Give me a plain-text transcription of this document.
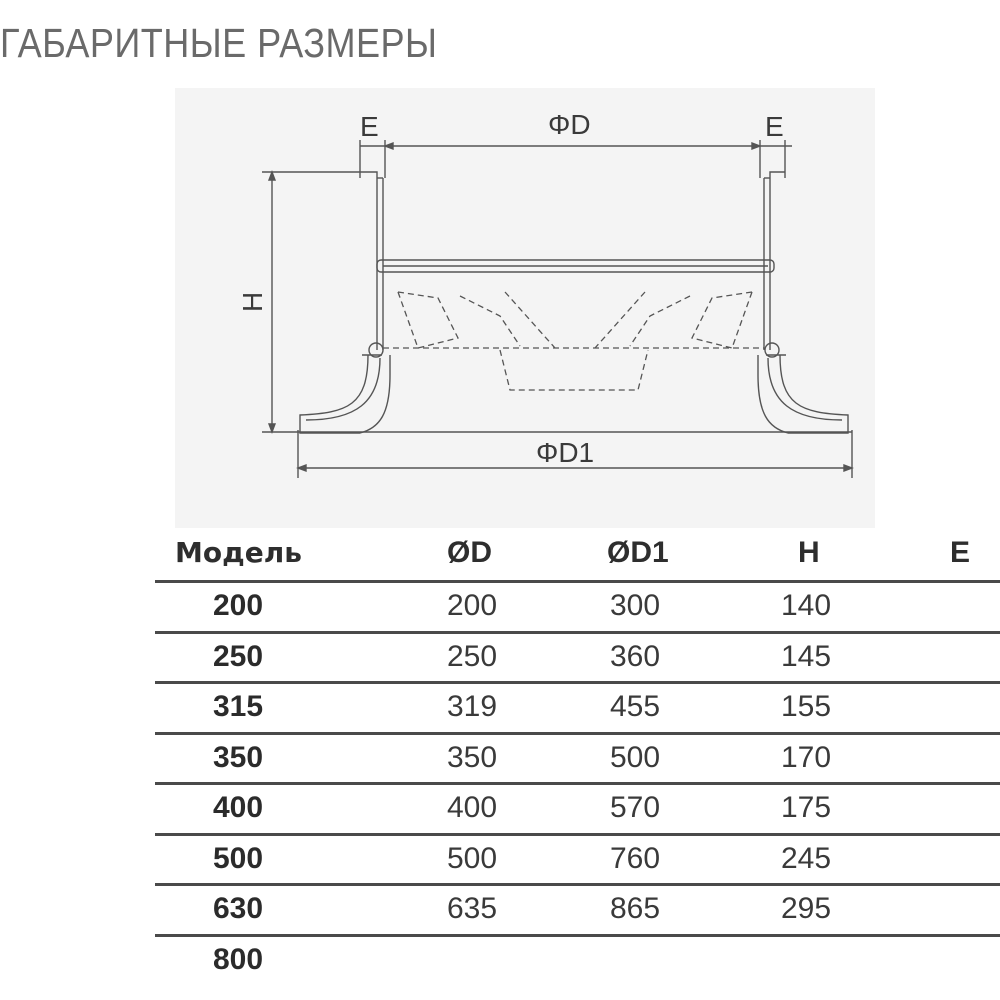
ГАБАРИТНЫЕ РАЗМЕРЫ
E	E
ΦD
ΦD1
H
Модель	ØD	ØD1	H	E
200	200	300	140
250	250	360	145
315	319	455	155
350	350	500	170
400	400	570	175
500	500	760	245
630	635	865	295
800
